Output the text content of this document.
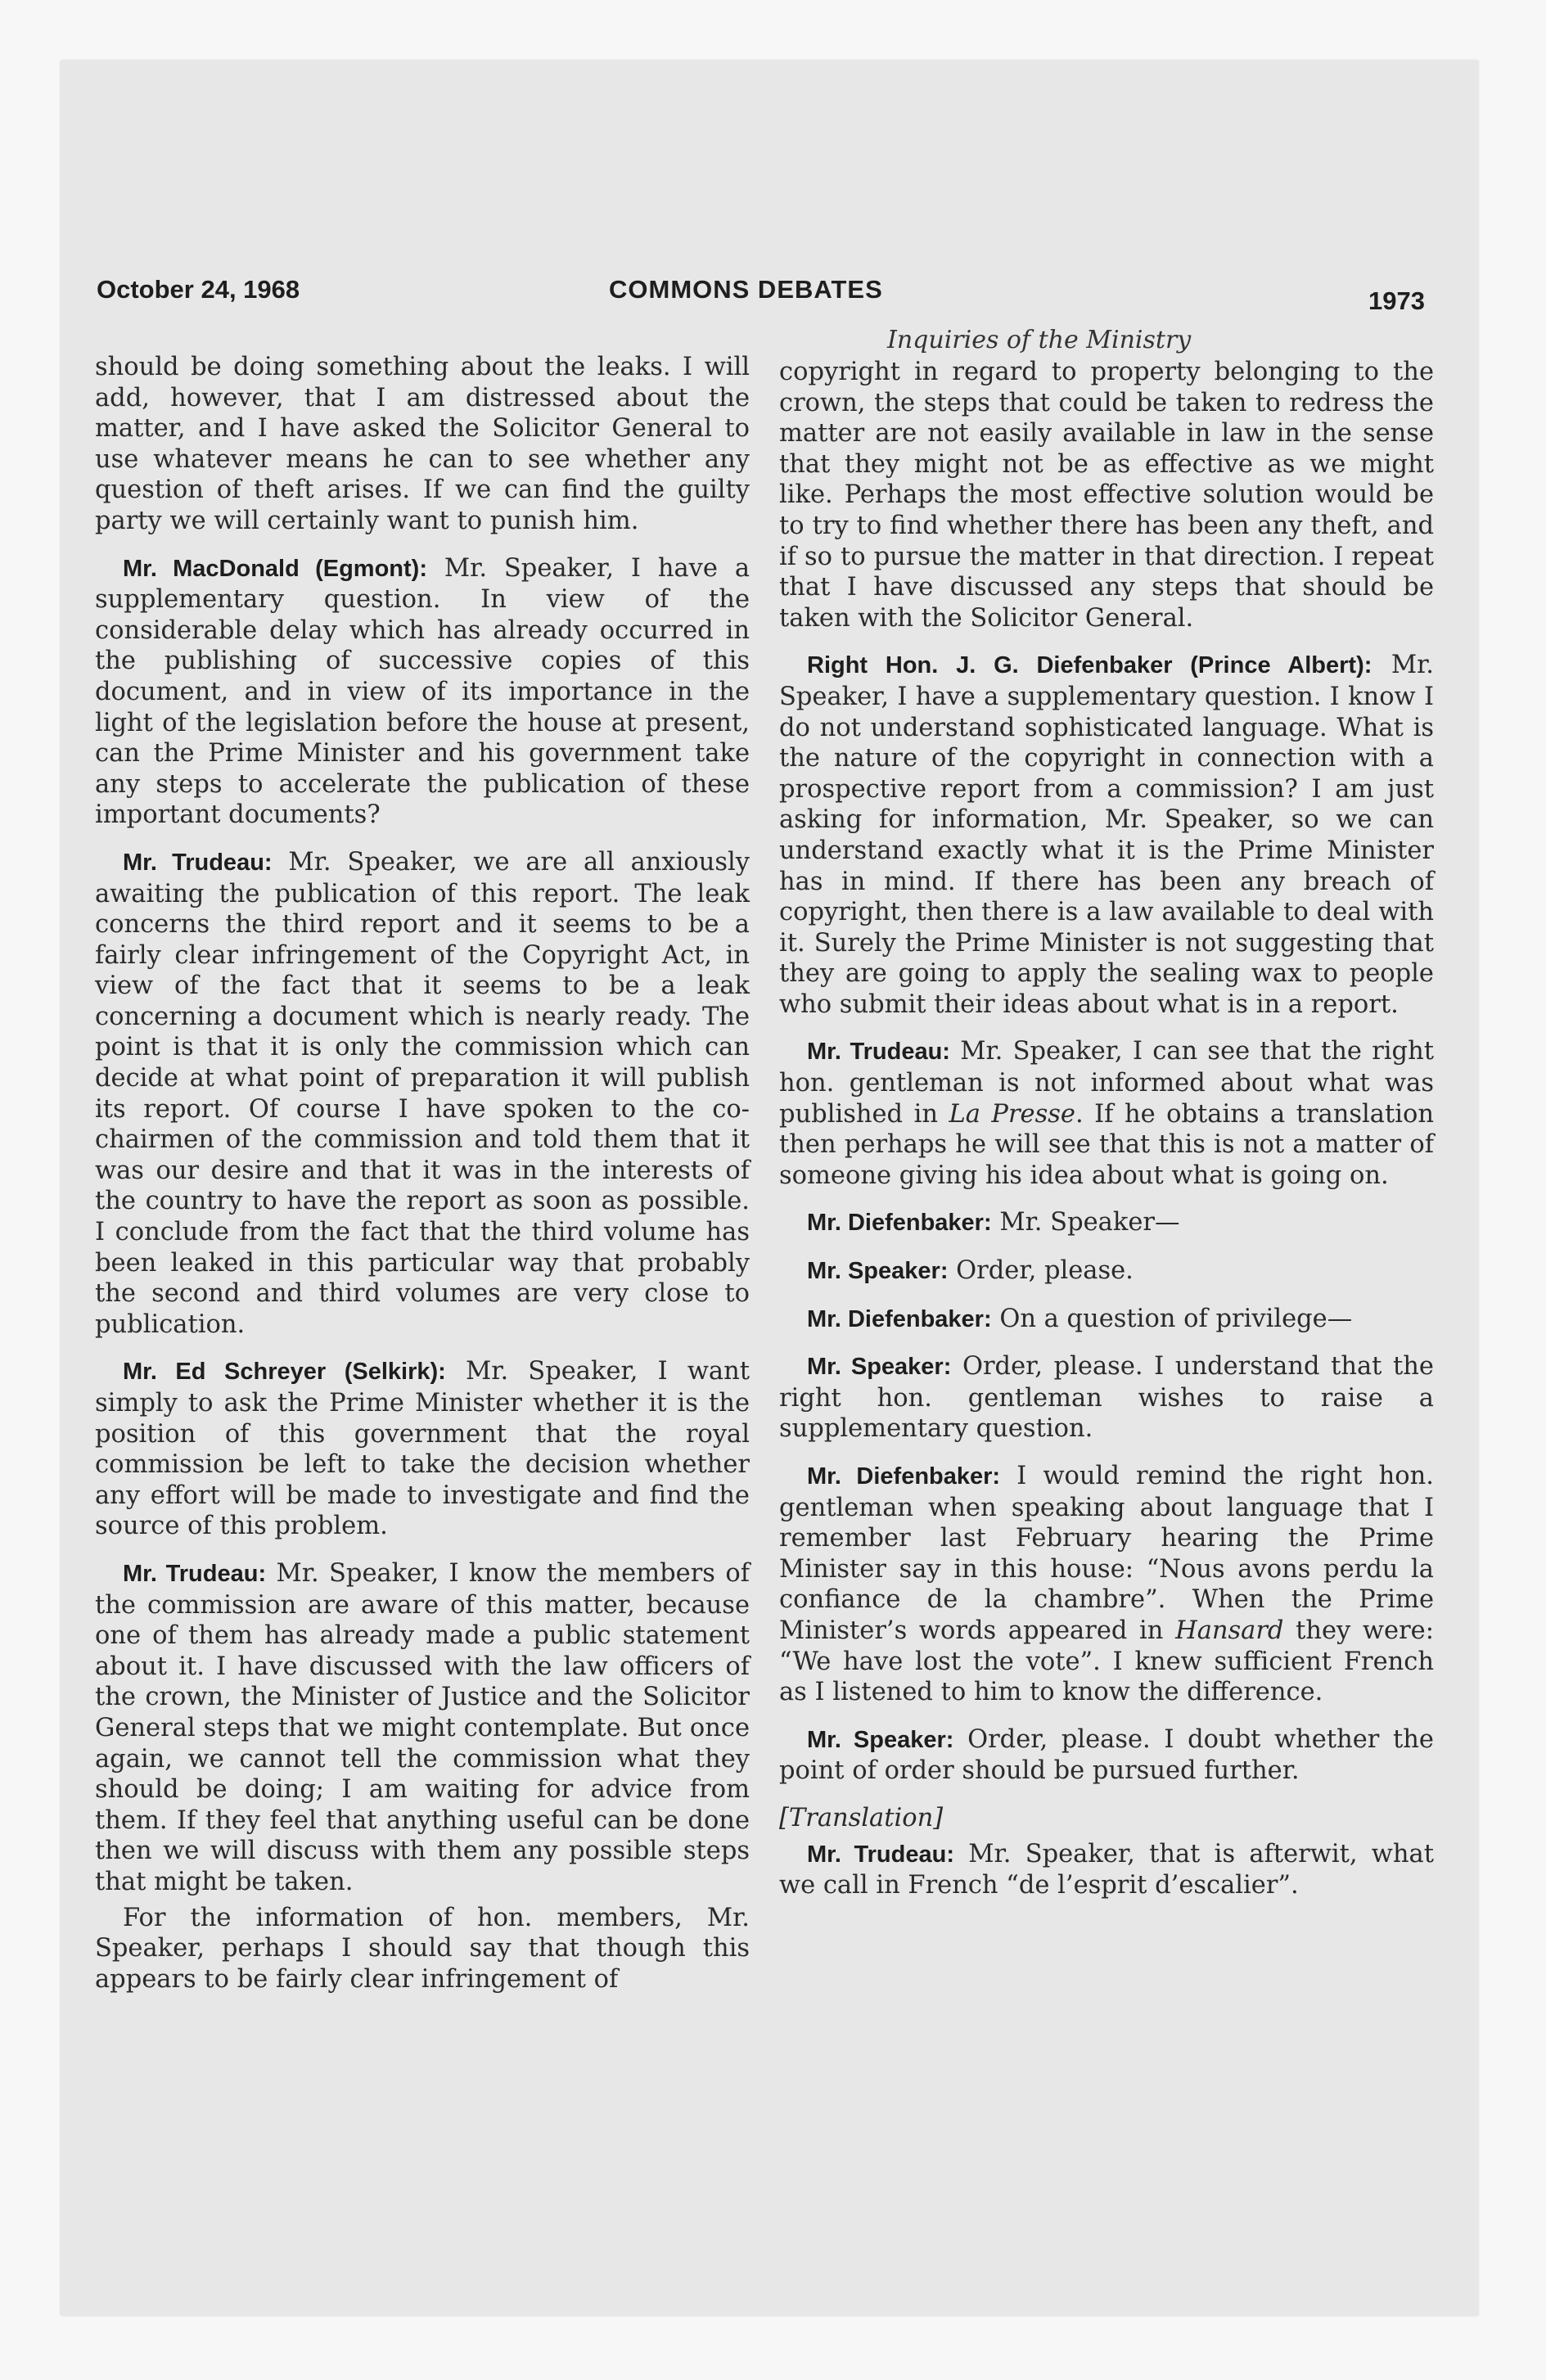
October 24, 1968	COMMONS DEBATES	1973
Inquiries of the Ministry

should be doing something about the leaks. I will add, however, that I am distressed about the matter, and I have asked the Solicitor General to use whatever means he can to see whether any question of theft arises. If we can find the guilty party we will certainly want to punish him.

Mr. MacDonald (Egmont): Mr. Speaker, I have a supplementary question. In view of the considerable delay which has already occurred in the publishing of successive copies of this document, and in view of its importance in the light of the legislation before the house at present, can the Prime Minister and his government take any steps to accelerate the publication of these important documents?

Mr. Trudeau: Mr. Speaker, we are all anxiously awaiting the publication of this report. The leak concerns the third report and it seems to be a fairly clear infringement of the Copyright Act, in view of the fact that it seems to be a leak concerning a document which is nearly ready. The point is that it is only the commission which can decide at what point of preparation it will publish its report. Of course I have spoken to the co-chairmen of the commission and told them that it was our desire and that it was in the interests of the country to have the report as soon as possible. I conclude from the fact that the third volume has been leaked in this particular way that probably the second and third volumes are very close to publication.

Mr. Ed Schreyer (Selkirk): Mr. Speaker, I want simply to ask the Prime Minister whether it is the position of this government that the royal commission be left to take the decision whether any effort will be made to investigate and find the source of this problem.

Mr. Trudeau: Mr. Speaker, I know the members of the commission are aware of this matter, because one of them has already made a public statement about it. I have discussed with the law officers of the crown, the Minister of Justice and the Solicitor General steps that we might contemplate. But once again, we cannot tell the commission what they should be doing; I am waiting for advice from them. If they feel that anything useful can be done then we will discuss with them any possible steps that might be taken.

For the information of hon. members, Mr. Speaker, perhaps I should say that though this appears to be fairly clear infringement of

copyright in regard to property belonging to the crown, the steps that could be taken to redress the matter are not easily available in law in the sense that they might not be as effective as we might like. Perhaps the most effective solution would be to try to find whether there has been any theft, and if so to pursue the matter in that direction. I repeat that I have discussed any steps that should be taken with the Solicitor General.

Right Hon. J. G. Diefenbaker (Prince Albert): Mr. Speaker, I have a supplementary question. I know I do not understand sophisticated language. What is the nature of the copyright in connection with a prospective report from a commission? I am just asking for information, Mr. Speaker, so we can understand exactly what it is the Prime Minister has in mind. If there has been any breach of copyright, then there is a law available to deal with it. Surely the Prime Minister is not suggesting that they are going to apply the sealing wax to people who submit their ideas about what is in a report.

Mr. Trudeau: Mr. Speaker, I can see that the right hon. gentleman is not informed about what was published in La Presse. If he obtains a translation then perhaps he will see that this is not a matter of someone giving his idea about what is going on.

Mr. Diefenbaker: Mr. Speaker—

Mr. Speaker: Order, please.

Mr. Diefenbaker: On a question of privilege—

Mr. Speaker: Order, please. I understand that the right hon. gentleman wishes to raise a supplementary question.

Mr. Diefenbaker: I would remind the right hon. gentleman when speaking about language that I remember last February hearing the Prime Minister say in this house: “Nous avons perdu la confiance de la chambre”. When the Prime Minister’s words appeared in Hansard they were: “We have lost the vote”. I knew sufficient French as I listened to him to know the difference.

Mr. Speaker: Order, please. I doubt whether the point of order should be pursued further.

[Translation]

Mr. Trudeau: Mr. Speaker, that is afterwit, what we call in French “de l’esprit d’escalier”.
